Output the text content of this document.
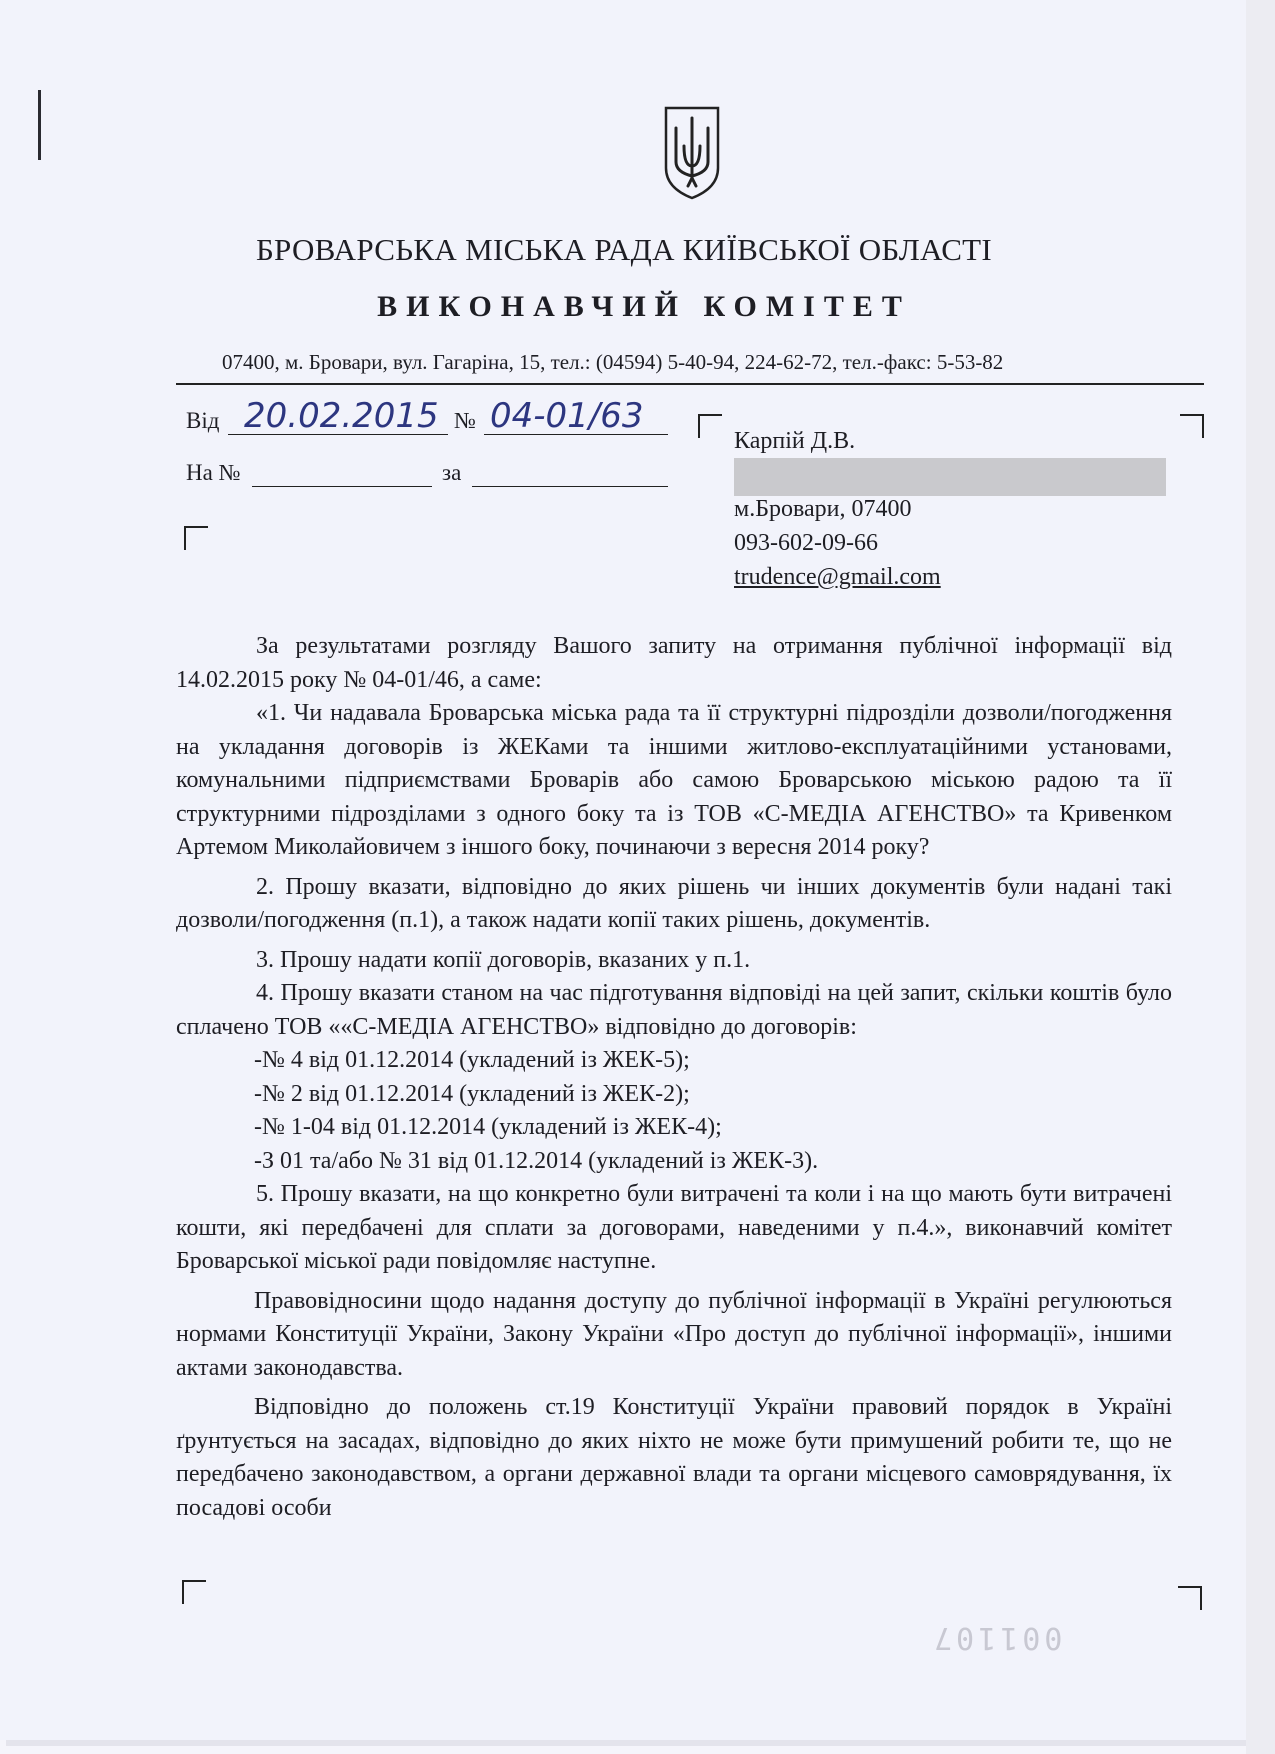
БРОВАРСЬКА МІСЬКА РАДА КИЇВСЬКОЇ ОБЛАСТІ
ВИКОНАВЧИЙ КОМІТЕТ
07400, м. Бровари, вул. Гагаріна, 15, тел.: (04594) 5-40-94, 224-62-72, тел.-факс: 5-53-82
Від 20.02.2015 № 04-01/63
На №	за
Карпій Д.В.
м.Бровари, 07400
093-602-09-66
trudence@gmail.com

За результатами розгляду Вашого запиту на отримання публічної інформації від 14.02.2015 року № 04-01/46, а саме:

«1. Чи надавала Броварська міська рада та її структурні підрозділи дозволи/погодження на укладання договорів із ЖЕКами та іншими житлово-експлуатаційними установами, комунальними підприємствами Броварів або самою Броварською міською радою та її структурними підрозділами з одного боку та із ТОВ «С-МЕДІА АГЕНСТВО» та Кривенком Артемом Миколайовичем з іншого боку, починаючи з вересня 2014 року?

2. Прошу вказати, відповідно до яких рішень чи інших документів були надані такі дозволи/погодження (п.1), а також надати копії таких рішень, документів.

3. Прошу надати копії договорів, вказаних у п.1.

4. Прошу вказати станом на час підготування відповіді на цей запит, скільки коштів було сплачено ТОВ ««С-МЕДІА АГЕНСТВО» відповідно до договорів:

-№ 4 від 01.12.2014 (укладений із ЖЕК-5);

-№ 2 від 01.12.2014 (укладений із ЖЕК-2);

-№ 1-04 від 01.12.2014 (укладений із ЖЕК-4);

-З 01 та/або № 31 від 01.12.2014 (укладений із ЖЕК-3).

5. Прошу вказати, на що конкретно були витрачені та коли і на що мають бути витрачені кошти, які передбачені для сплати за договорами, наведеними у п.4.», виконавчий комітет Броварської міської ради повідомляє наступне.

Правовідносини щодо надання доступу до публічної інформації в Україні регулюються нормами Конституції України, Закону України «Про доступ до публічної інформації», іншими актами законодавства.

Відповідно до положень ст.19 Конституції України правовий порядок в Україні ґрунтується на засадах, відповідно до яких ніхто не може бути примушений робити те, що не передбачено законодавством, а органи державної влади та органи місцевого самоврядування, їх посадові особи

001107
